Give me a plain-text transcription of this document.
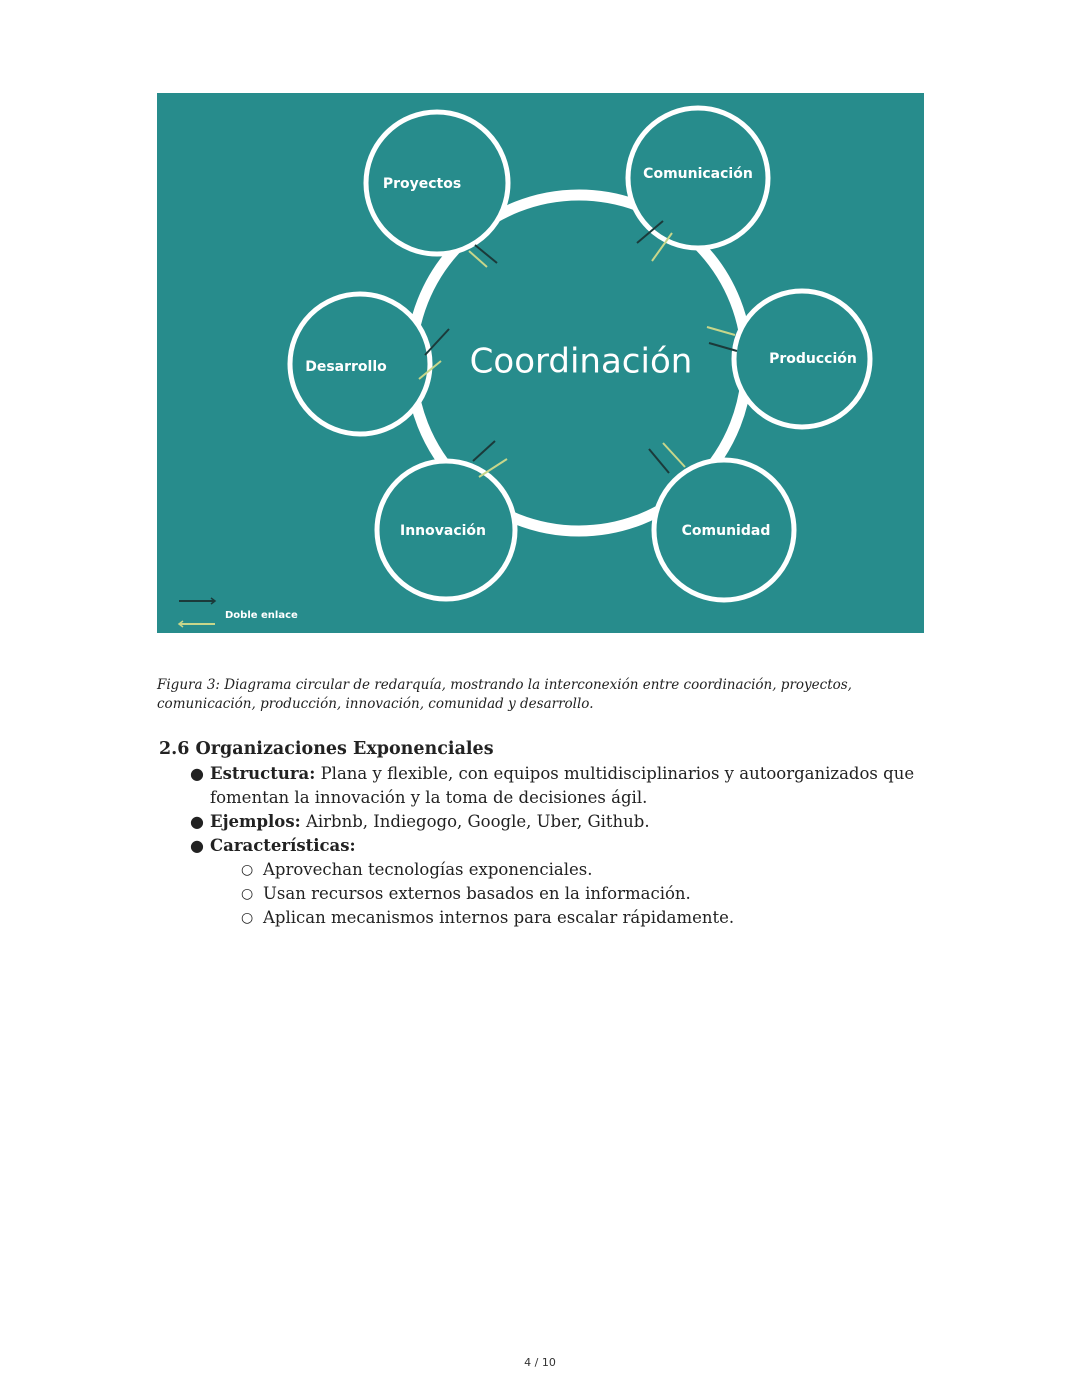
Coordinación
Proyectos
Comunicación
Producción
Comunidad
Innovación
Desarrollo
Doble enlace
Figura 3: Diagrama circular de redarquía, mostrando la interconexión entre coordinación, proyectos, comunicación, producción, innovación, comunidad y desarrollo.
2.6 Organizaciones Exponenciales
● Estructura: Plana y flexible, con equipos multidisciplinarios y autoorganizados que fomentan la innovación y la toma de decisiones ágil.
● Ejemplos: Airbnb, Indiegogo, Google, Uber, Github.
● Características:
○ Aprovechan tecnologías exponenciales.
○ Usan recursos externos basados en la información.
○ Aplican mecanismos internos para escalar rápidamente.
4 / 10
